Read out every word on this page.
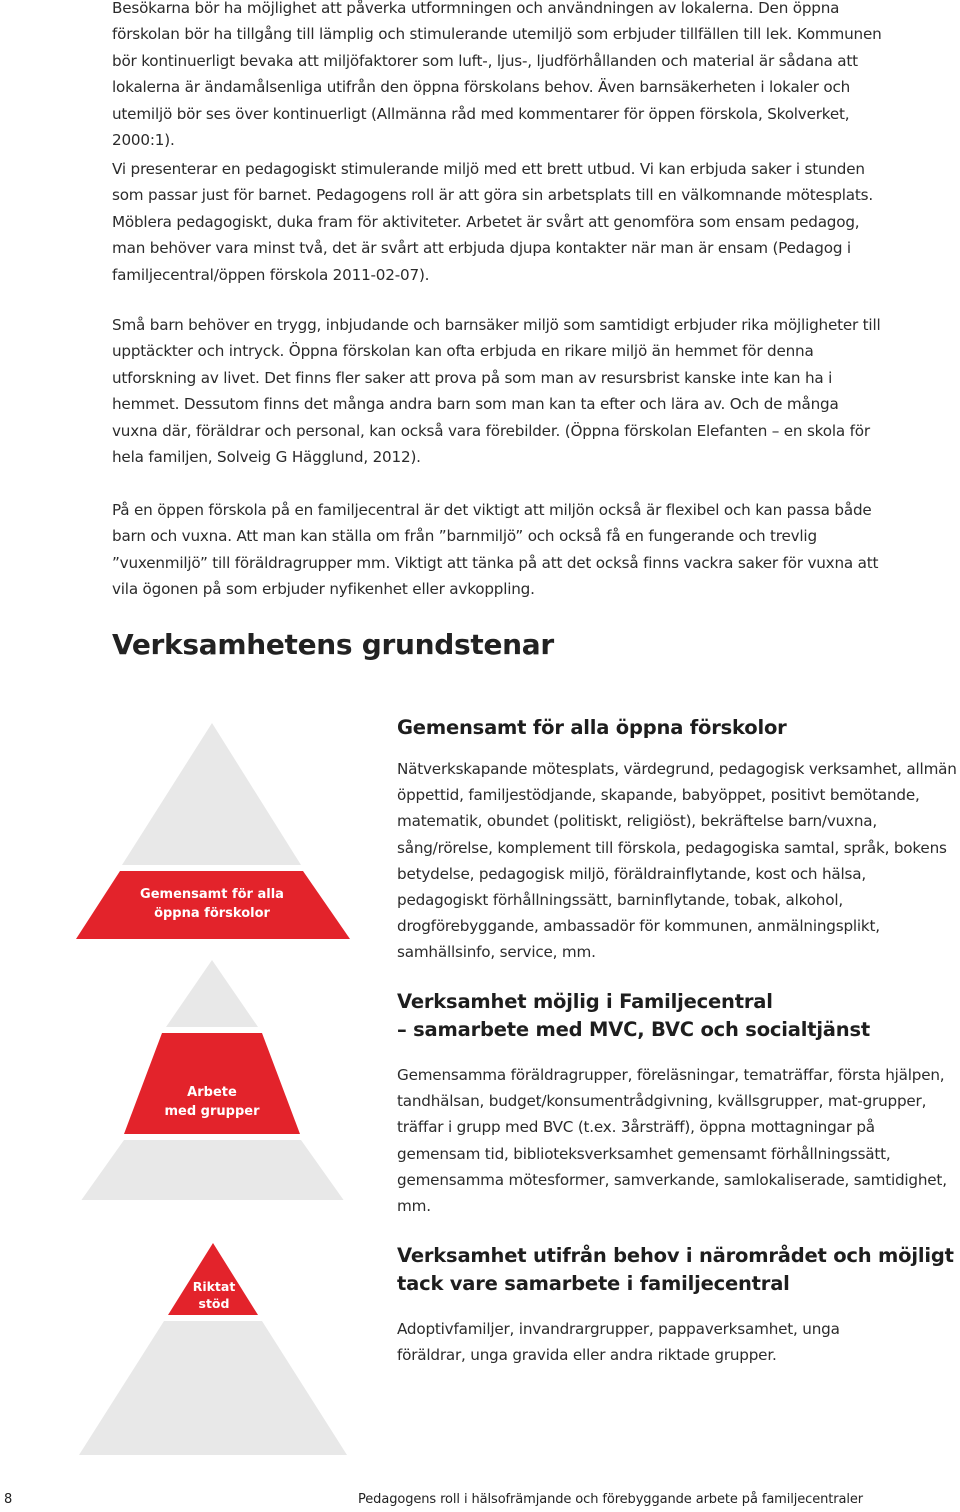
Besökarna bör ha möjlighet att påverka utformningen och användningen av lokalerna. Den öppna förskolan bör ha tillgång till lämplig och stimulerande utemiljö som erbjuder tillfällen till lek. Kommunen bör kontinuerligt bevaka att miljöfaktorer som luft-, ljus-, ljudförhållanden och material är sådana att lokalerna är ändamålsenliga utifrån den öppna förskolans behov. Även barnsäkerheten i lokaler och utemiljö bör ses över kontinuerligt (Allmänna råd med kommentarer för öppen förskola, Skolverket, 2000:1).

Vi presenterar en pedagogiskt stimulerande miljö med ett brett utbud. Vi kan erbjuda saker i stunden som passar just för barnet. Pedagogens roll är att göra sin arbetsplats till en välkomnande mötesplats. Möblera pedagogiskt, duka fram för aktiviteter. Arbetet är svårt att genomföra som ensam pedagog, man behöver vara minst två, det är svårt att erbjuda djupa kontakter när man är ensam (Pedagog i familjecentral/öppen förskola 2011-02-07).

Små barn behöver en trygg, inbjudande och barnsäker miljö som samtidigt erbjuder rika möjligheter till upptäckter och intryck. Öppna förskolan kan ofta erbjuda en rikare miljö än hemmet för denna utforskning av livet. Det finns fler saker att prova på som man av resursbrist kanske inte kan ha i hemmet. Dessutom finns det många andra barn som man kan ta efter och lära av. Och de många vuxna där, föräldrar och personal, kan också vara förebilder. (Öppna förskolan Elefanten – en skola för hela familjen, Solveig G Hägglund, 2012).

På en öppen förskola på en familjecentral är det viktigt att miljön också är flexibel och kan passa både barn och vuxna. Att man kan ställa om från ”barnmiljö” och också få en fungerande och trevlig ”vuxenmiljö” till föräldragrupper mm. Viktigt att tänka på att det också finns vackra saker för vuxna att vila ögonen på som erbjuder nyfikenhet eller avkoppling.

Verksamhetens grundstenar
Gemensamt för alla
öppna förskolor
Gemensamt för alla öppna förskolor

Nätverkskapande mötesplats, värdegrund, pedagogisk verksamhet, allmän öppettid, familjestödjande, skapande, babyöppet, positivt bemötande, matematik, obundet (politiskt, religiöst), bekräftelse barn/vuxna, sång/rörelse, komplement till förskola, pedagogiska samtal, språk, bokens betydelse, pedagogisk miljö, föräldrainflytande, kost och hälsa, pedagogiskt förhållningssätt, barninflytande, tobak, alkohol, drogförebyggande, ambassadör för kommunen, anmälningsplikt, samhällsinfo, service, mm.

Arbete
med grupper
Verksamhet möjlig i Familjecentral
– samarbete med MVC, BVC och socialtjänst

Gemensamma föräldragrupper, föreläsningar, tematräffar, första hjälpen, tandhälsan, budget/konsumentrådgivning, kvällsgrupper, mat-grupper, träffar i grupp med BVC (t.ex. 3årsträff), öppna mottagningar på gemensam tid, biblioteksverksamhet gemensamt förhållningssätt, gemensamma mötesformer, samverkande, samlokaliserade, samtidighet, mm.

Riktat
stöd
Verksamhet utifrån behov i närområdet och möjligt
tack vare samarbete i familjecentral

Adoptivfamiljer, invandrargrupper, pappaverksamhet, unga föräldrar, unga gravida eller andra riktade grupper.

8	Pedagogens roll i hälsofrämjande och förebyggande arbete på familjecentraler
